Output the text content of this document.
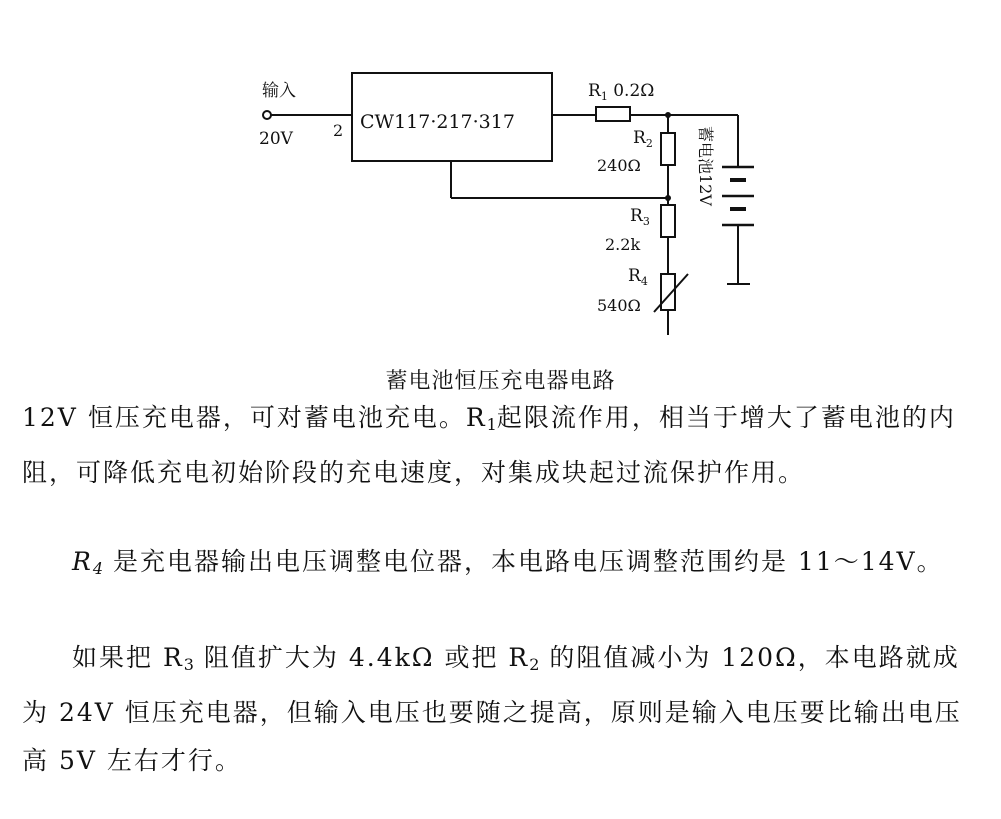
输入
20V	2 CW117·217·317
$R_1$ 0.2Ω
$R_2$
240Ω
$R_3$
2.2k
$R_4$
540Ω
蓄电池12V
蓄电池恒压充电器电路

12V 恒压充电器，可对蓄电池充电。$R_1$起限流作用，相当于增大了蓄电池的内阻，可降低充电初始阶段的充电速度，对集成块起过流保护作用。

$R_4$ 是充电器输出电压调整电位器，本电路电压调整范围约是 11～14V。

如果把 $R_3$ 阻值扩大为 4.4kΩ 或把 $R_2$ 的阻值减小为 120Ω，本电路就成为 24V 恒压充电器，但输入电压也要随之提高，原则是输入电压要比输出电压高 5V 左右才行。
